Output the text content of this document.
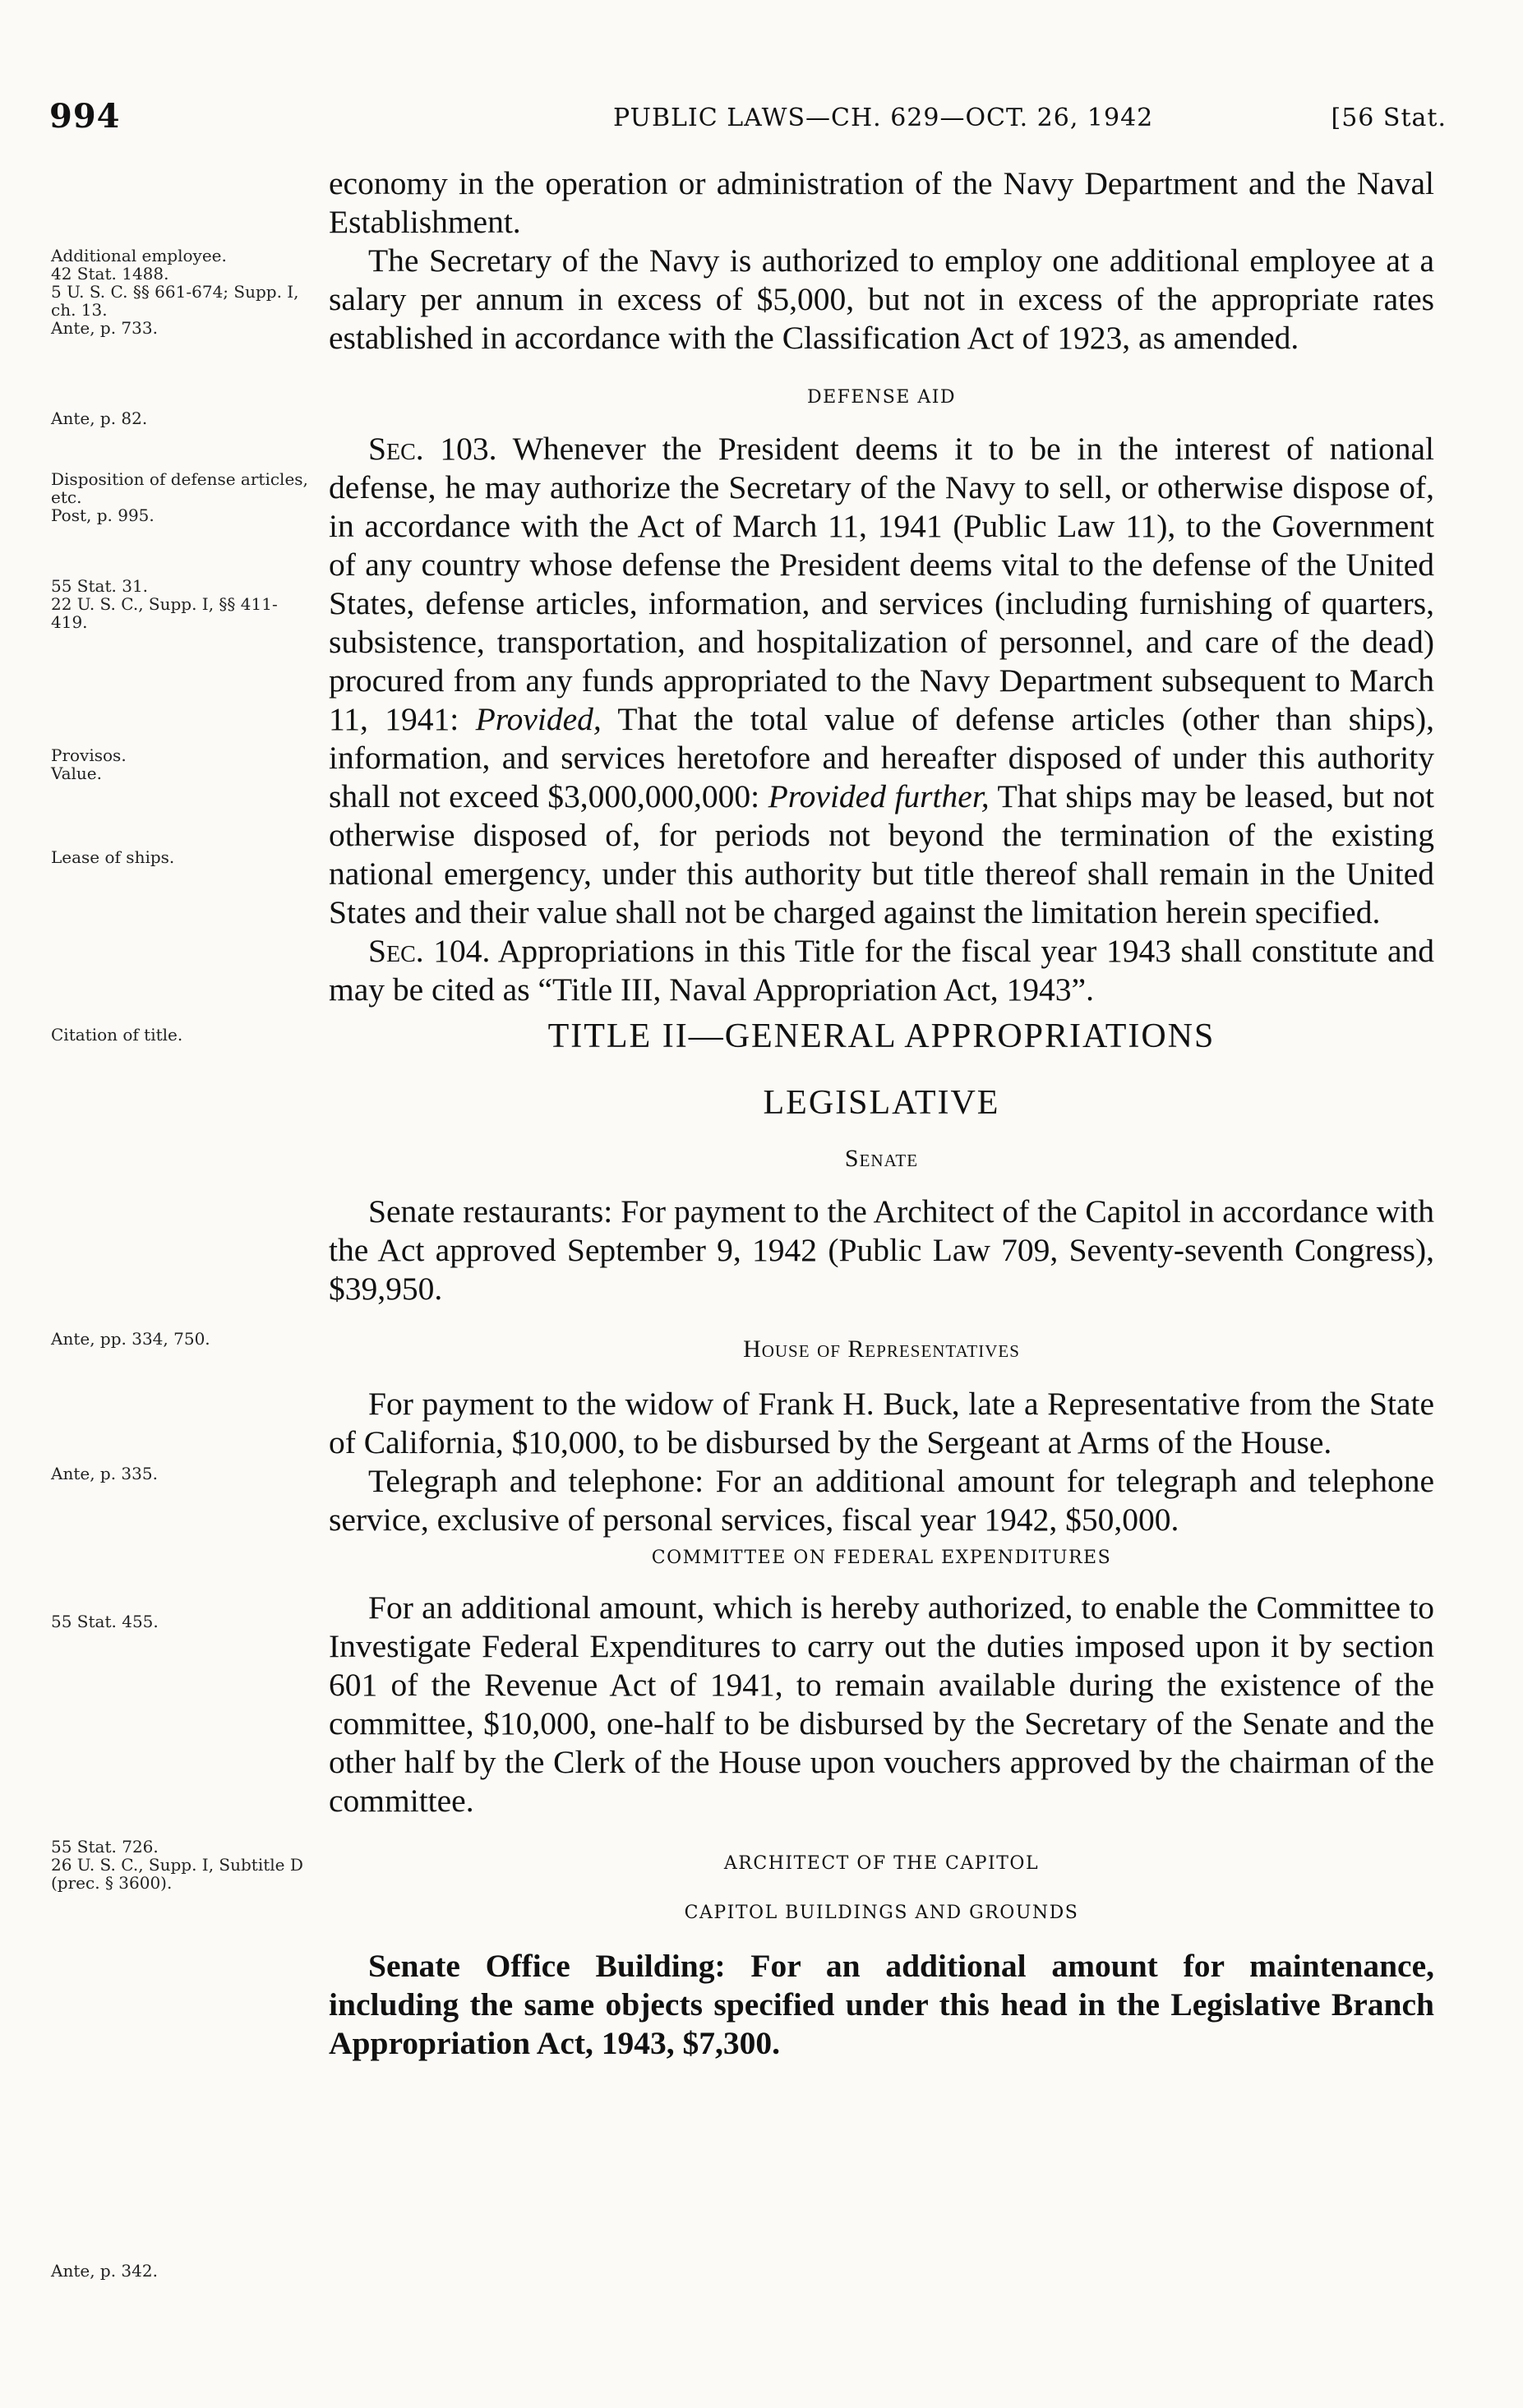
994	PUBLIC LAWS—CH. 629—OCT. 26, 1942	[56 Stat.
Additional employee.
42 Stat. 1488.
5 U. S. C. §§ 661-674; Supp. I, ch. 13.
Ante, p. 733.
Ante, p. 82.
Disposition of defense articles, etc.
Post, p. 995.
55 Stat. 31.
22 U. S. C., Supp. I, §§ 411-419.
Provisos.
Value.
Lease of ships.
Citation of title.
Ante, pp. 334, 750.
Ante, p. 335.
55 Stat. 455.
55 Stat. 726.
26 U. S. C., Supp. I, Subtitle D (prec. § 3600).
Ante, p. 342.

economy in the operation or administration of the Navy Department and the Naval Establishment.

The Secretary of the Navy is authorized to employ one additional employee at a salary per annum in excess of $5,000, but not in excess of the appropriate rates established in accordance with the Classification Act of 1923, as amended.

DEFENSE AID

Sec. 103. Whenever the President deems it to be in the interest of national defense, he may authorize the Secretary of the Navy to sell, or otherwise dispose of, in accordance with the Act of March 11, 1941 (Public Law 11), to the Government of any country whose defense the President deems vital to the defense of the United States, defense articles, information, and services (including furnishing of quarters, subsistence, transportation, and hospitalization of personnel, and care of the dead) procured from any funds appropriated to the Navy Department subsequent to March 11, 1941: Provided, That the total value of defense articles (other than ships), information, and services heretofore and hereafter disposed of under this authority shall not exceed $3,000,000,000: Provided further, That ships may be leased, but not otherwise disposed of, for periods not beyond the termination of the existing national emergency, under this authority but title thereof shall remain in the United States and their value shall not be charged against the limitation herein specified.

Sec. 104. Appropriations in this Title for the fiscal year 1943 shall constitute and may be cited as “Title III, Naval Appropriation Act, 1943”.

TITLE II—GENERAL APPROPRIATIONS

LEGISLATIVE

Senate

Senate restaurants: For payment to the Architect of the Capitol in accordance with the Act approved September 9, 1942 (Public Law 709, Seventy-seventh Congress), $39,950.

House of Representatives

For payment to the widow of Frank H. Buck, late a Representative from the State of California, $10,000, to be disbursed by the Sergeant at Arms of the House.

Telegraph and telephone: For an additional amount for telegraph and telephone service, exclusive of personal services, fiscal year 1942, $50,000.

COMMITTEE ON FEDERAL EXPENDITURES

For an additional amount, which is hereby authorized, to enable the Committee to Investigate Federal Expenditures to carry out the duties imposed upon it by section 601 of the Revenue Act of 1941, to remain available during the existence of the committee, $10,000, one-half to be disbursed by the Secretary of the Senate and the other half by the Clerk of the House upon vouchers approved by the chairman of the committee.

ARCHITECT OF THE CAPITOL

CAPITOL BUILDINGS AND GROUNDS

Senate Office Building: For an additional amount for maintenance, including the same objects specified under this head in the Legislative Branch Appropriation Act, 1943, $7,300.
